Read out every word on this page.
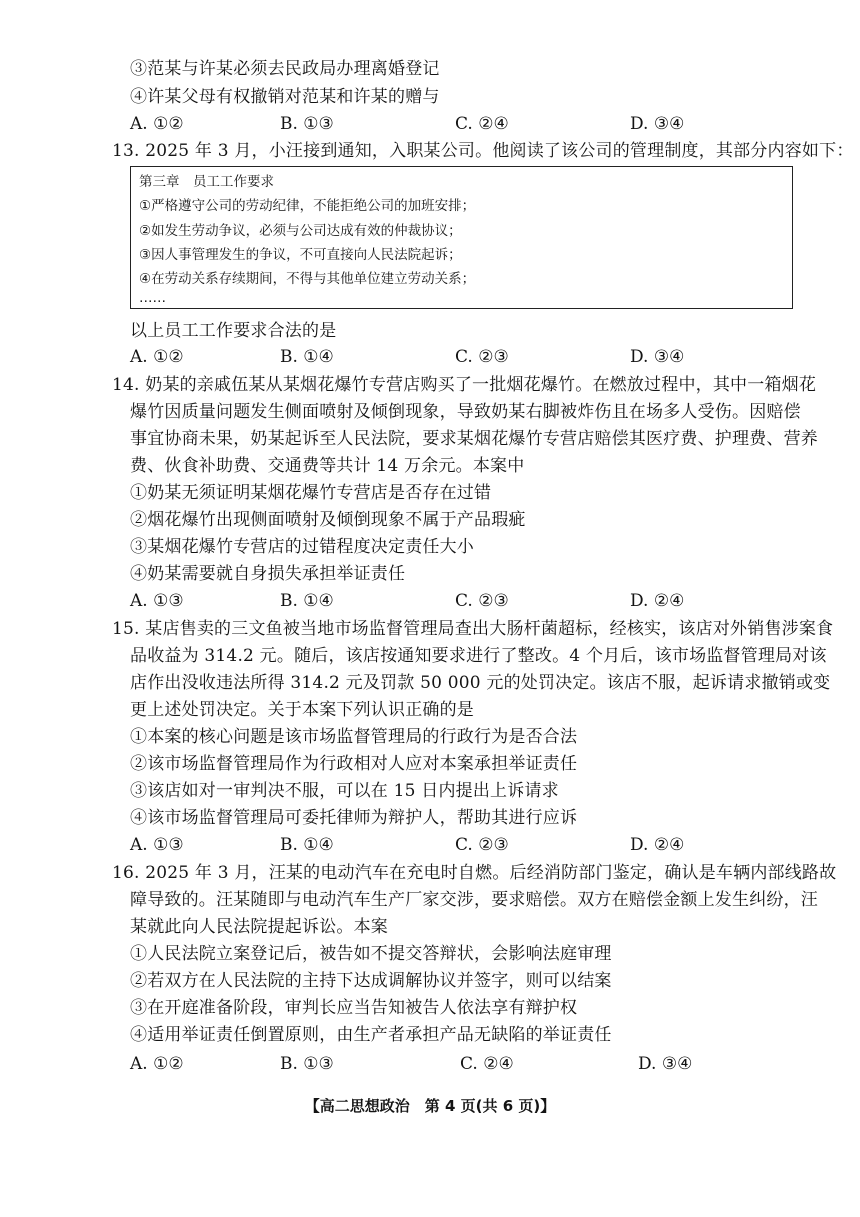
③范某与许某必须去民政局办理离婚登记
④许某父母有权撤销对范某和许某的赠与
A. ①②	B. ①③	C. ②④	D. ③④
13. 2025 年 3 月，小汪接到通知，入职某公司。他阅读了该公司的管理制度，其部分内容如下：
第三章　员工工作要求
①严格遵守公司的劳动纪律，不能拒绝公司的加班安排；
②如发生劳动争议，必须与公司达成有效的仲裁协议；
③因人事管理发生的争议，不可直接向人民法院起诉；
④在劳动关系存续期间，不得与其他单位建立劳动关系；
……
以上员工工作要求合法的是
A. ①②	B. ①④	C. ②③	D. ③④
14. 奶某的亲戚伍某从某烟花爆竹专营店购买了一批烟花爆竹。在燃放过程中，其中一箱烟花
爆竹因质量问题发生侧面喷射及倾倒现象，导致奶某右脚被炸伤且在场多人受伤。因赔偿
事宜协商未果，奶某起诉至人民法院，要求某烟花爆竹专营店赔偿其医疗费、护理费、营养
费、伙食补助费、交通费等共计 14 万余元。本案中
①奶某无须证明某烟花爆竹专营店是否存在过错
②烟花爆竹出现侧面喷射及倾倒现象不属于产品瑕疵
③某烟花爆竹专营店的过错程度决定责任大小
④奶某需要就自身损失承担举证责任
A. ①③	B. ①④	C. ②③	D. ②④
15. 某店售卖的三文鱼被当地市场监督管理局查出大肠杆菌超标，经核实，该店对外销售涉案食
品收益为 314.2 元。随后，该店按通知要求进行了整改。4 个月后，该市场监督管理局对该
店作出没收违法所得 314.2 元及罚款 50 000 元的处罚决定。该店不服，起诉请求撤销或变
更上述处罚决定。关于本案下列认识正确的是
①本案的核心问题是该市场监督管理局的行政行为是否合法
②该市场监督管理局作为行政相对人应对本案承担举证责任
③该店如对一审判决不服，可以在 15 日内提出上诉请求
④该市场监督管理局可委托律师为辩护人，帮助其进行应诉
A. ①③	B. ①④	C. ②③	D. ②④
16. 2025 年 3 月，汪某的电动汽车在充电时自燃。后经消防部门鉴定，确认是车辆内部线路故
障导致的。汪某随即与电动汽车生产厂家交涉，要求赔偿。双方在赔偿金额上发生纠纷，汪
某就此向人民法院提起诉讼。本案
①人民法院立案登记后，被告如不提交答辩状，会影响法庭审理
②若双方在人民法院的主持下达成调解协议并签字，则可以结案
③在开庭准备阶段，审判长应当告知被告人依法享有辩护权
④适用举证责任倒置原则，由生产者承担产品无缺陷的举证责任
A. ①②	B. ①③	C. ②④	D. ③④
【高二思想政治　第 4 页(共 6 页)】
